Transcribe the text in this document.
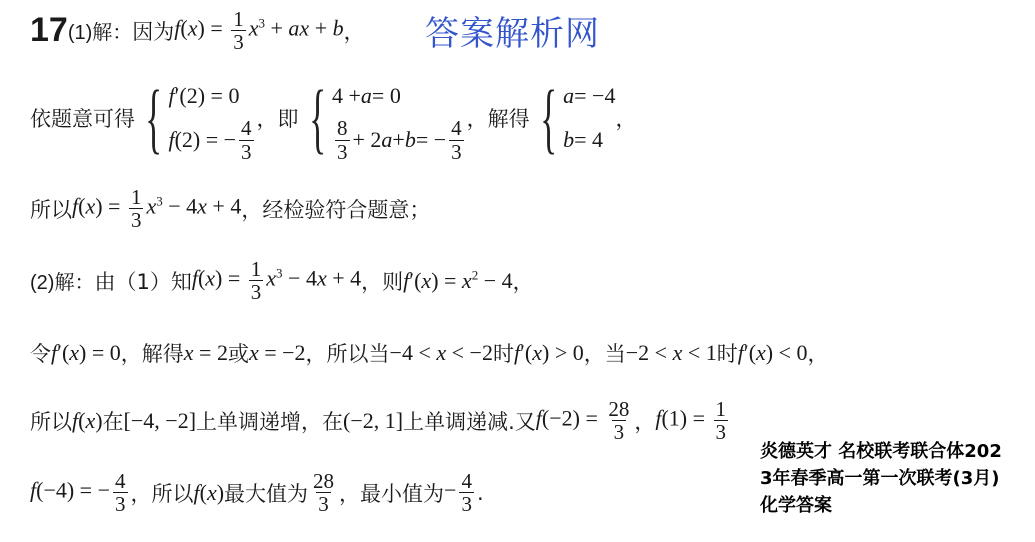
答案解析网
17 (1)解： 因为 $f(x) = \frac{1}{3} x^3$ + ax + b ，
依题意可得 { f ′(2) = 0
f (2) = − $\frac{4}{3}$ ，即 { 4 + a = 0
$\frac{8}{3} + 2$ a + b = − $\frac{4}{3}$ ，解得 { a = −4
b = 4
，
所以 $f(x) = \frac{1}{3} x^3 - 4x + 4$ ，经检验符合题意；
(2)解： 由（1）知 $f(x) = \frac{1}{3} x^3 - 4x + 4$ ，则 $f'(x) = x^2 - 4$ ，
令 f′(x) = 0 ，解得 x = 2 或 x = −2 ，所以当 −4 < x < −2 时 f′(x) > 0 ，当 −2 < x < 1 时 f′(x) < 0 ，
所以 f(x) 在 [−4, −2] 上单调递增，在 (−2, 1] 上单调递减.又 $f(-2) = \frac{28}{3}$ ， $f(1) = \frac{1}{3}$
f(−4) = − $\frac{4}{3}$ ，所以 f(x) 最大值为 $\frac{28}{3}$ ，最小值为 − $\frac{4}{3}$ .
炎德英才 名校联考联合体202
3年春季高一第一次联考(3月)
化学答案
